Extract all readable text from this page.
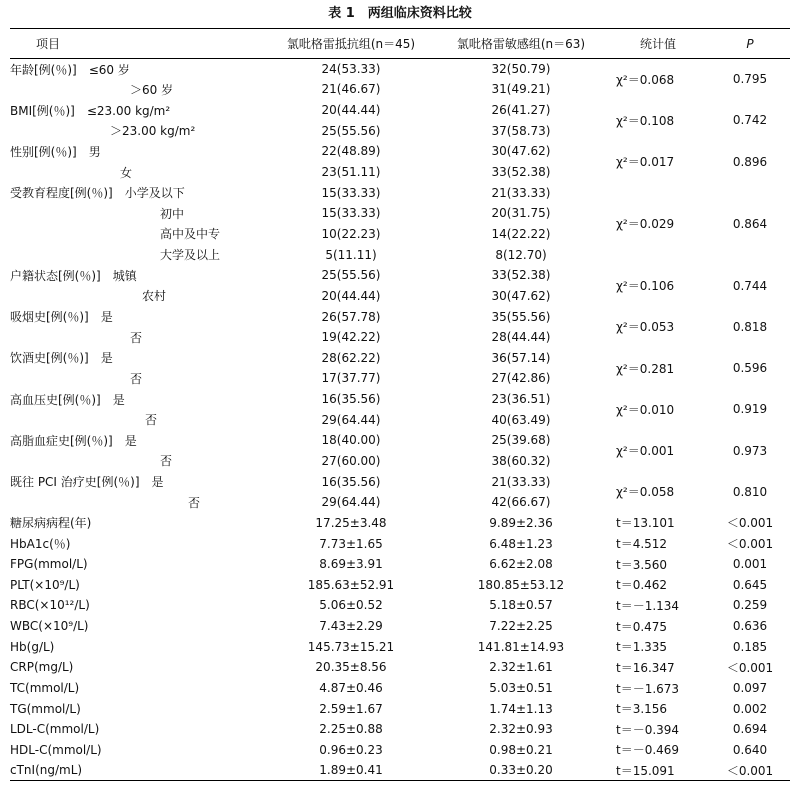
表 1　两组临床资料比较
项目	氯吡格雷抵抗组(n＝45)	氯吡格雷敏感组(n＝63)	统计值	P
年龄[例(％)]　≤60 岁	24(53.33)	32(50.79)	χ²＝0.068	0.795
＞60 岁	21(46.67)	31(49.21)		
BMI[例(％)]　≤23.00 kg/m²	20(44.44)	26(41.27)	χ²＝0.108	0.742
＞23.00 kg/m²	25(55.56)	37(58.73)		
性别[例(％)]　男	22(48.89)	30(47.62)	χ²＝0.017	0.896
女	23(51.11)	33(52.38)		
受教育程度[例(％)]　小学及以下	15(33.33)	21(33.33)	χ²＝0.029	0.864
初中	15(33.33)	20(31.75)		
高中及中专	10(22.23)	14(22.22)		
大学及以上	5(11.11)	8(12.70)		
户籍状态[例(％)]　城镇	25(55.56)	33(52.38)	χ²＝0.106	0.744
农村	20(44.44)	30(47.62)		
吸烟史[例(％)]　是	26(57.78)	35(55.56)	χ²＝0.053	0.818
否	19(42.22)	28(44.44)		
饮酒史[例(％)]　是	28(62.22)	36(57.14)	χ²＝0.281	0.596
否	17(37.77)	27(42.86)		
高血压史[例(％)]　是	16(35.56)	23(36.51)	χ²＝0.010	0.919
否	29(64.44)	40(63.49)		
高脂血症史[例(％)]　是	18(40.00)	25(39.68)	χ²＝0.001	0.973
否	27(60.00)	38(60.32)		
既往 PCI 治疗史[例(％)]　是	16(35.56)	21(33.33)	χ²＝0.058	0.810
否	29(64.44)	42(66.67)		
糖尿病病程(年)	17.25±3.48	9.89±2.36	t＝13.101	＜0.001
HbA1c(％)	7.73±1.65	6.48±1.23	t＝4.512	＜0.001
FPG(mmol/L)	8.69±3.91	6.62±2.08	t＝3.560	0.001
PLT(×10⁹/L)	185.63±52.91	180.85±53.12	t＝0.462	0.645
RBC(×10¹²/L)	5.06±0.52	5.18±0.57	t＝－1.134	0.259
WBC(×10⁹/L)	7.43±2.29	7.22±2.25	t＝0.475	0.636
Hb(g/L)	145.73±15.21	141.81±14.93	t＝1.335	0.185
CRP(mg/L)	20.35±8.56	2.32±1.61	t＝16.347	＜0.001
TC(mmol/L)	4.87±0.46	5.03±0.51	t＝－1.673	0.097
TG(mmol/L)	2.59±1.67	1.74±1.13	t＝3.156	0.002
LDL-C(mmol/L)	2.25±0.88	2.32±0.93	t＝－0.394	0.694
HDL-C(mmol/L)	0.96±0.23	0.98±0.21	t＝－0.469	0.640
cTnI(ng/mL)	1.89±0.41	0.33±0.20	t＝15.091	＜0.001
